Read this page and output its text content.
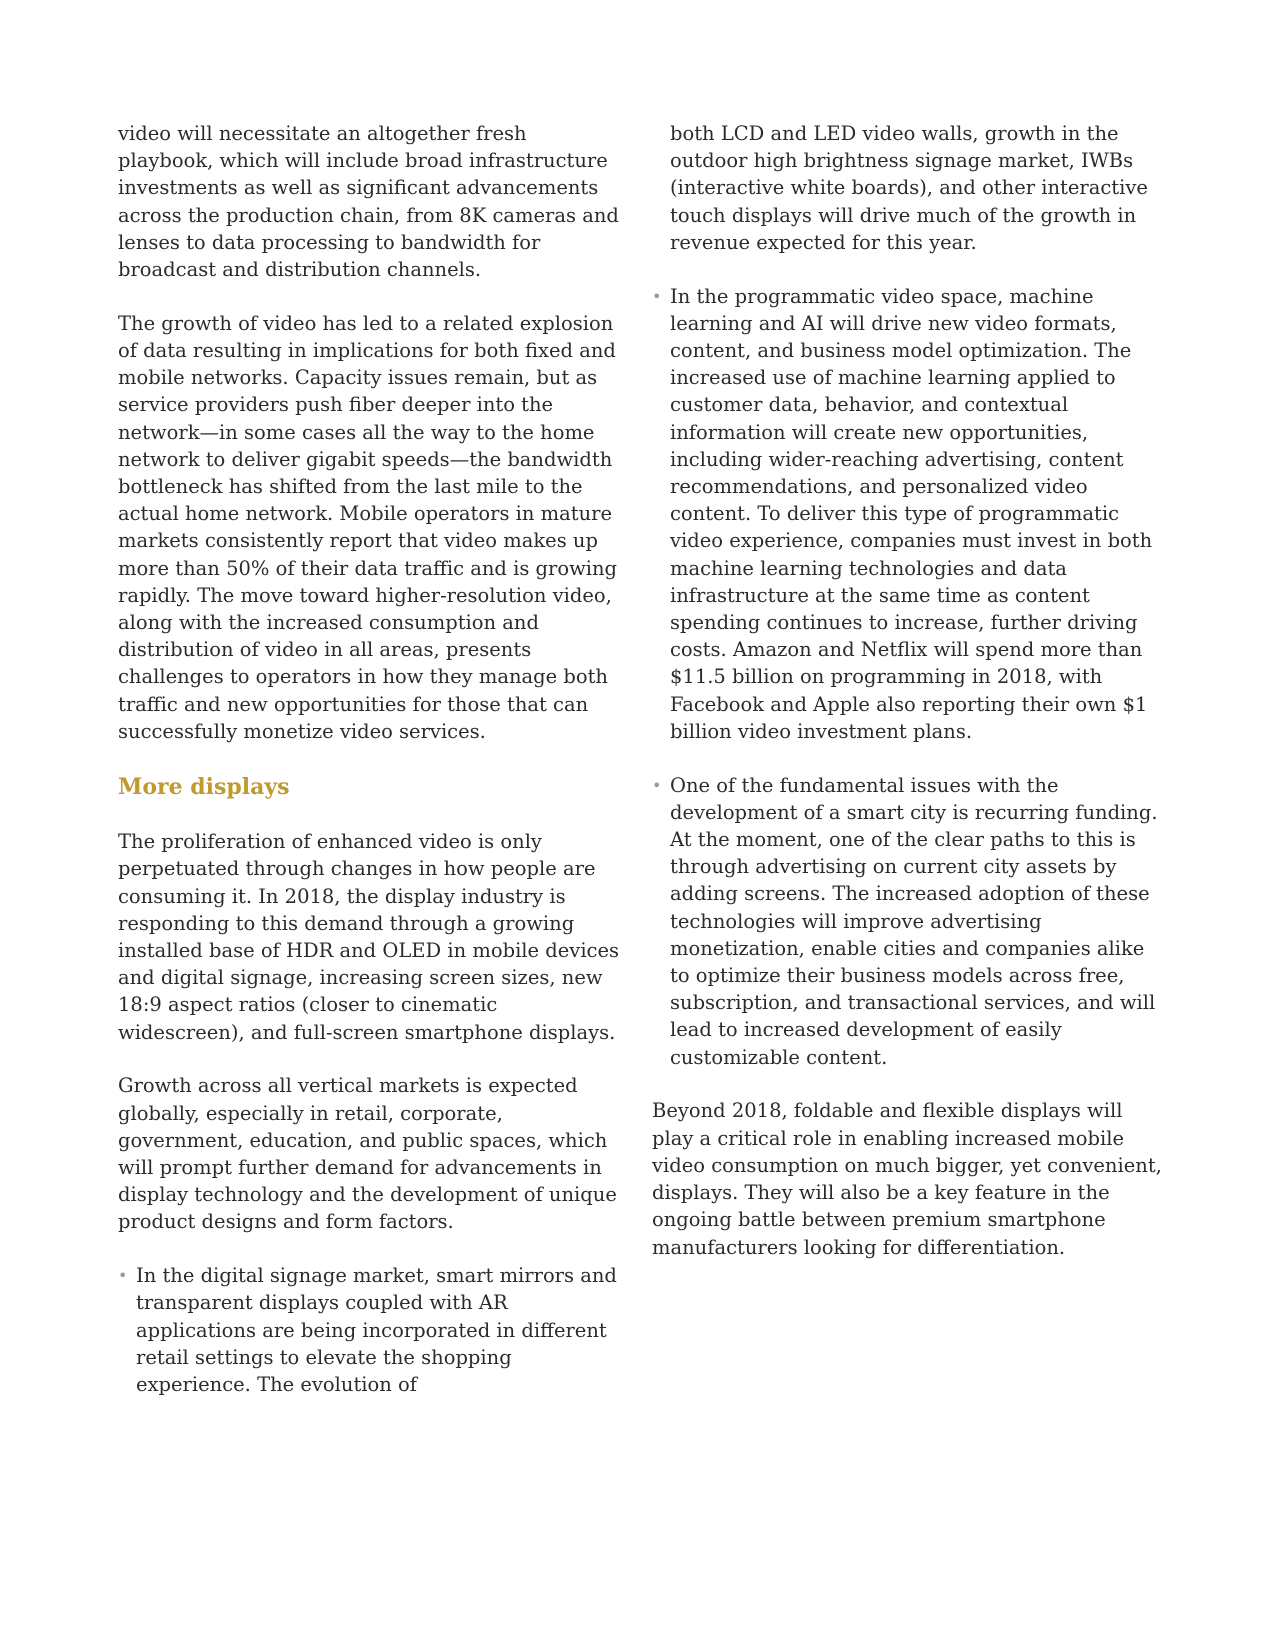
video will necessitate an altogether fresh playbook, which will include broad infrastructure investments as well as significant advancements across the production chain, from 8K cameras and lenses to data processing to bandwidth for broadcast and distribution channels.

The growth of video has led to a related explosion of data resulting in implications for both fixed and mobile networks. Capacity issues remain, but as service providers push fiber deeper into the network—in some cases all the way to the home network to deliver gigabit speeds—the bandwidth bottleneck has shifted from the last mile to the actual home network. Mobile operators in mature markets consistently report that video makes up more than 50% of their data traffic and is growing rapidly. The move toward higher-resolution video, along with the increased consumption and distribution of video in all areas, presents challenges to operators in how they manage both traffic and new opportunities for those that can successfully monetize video services.

More displays

The proliferation of enhanced video is only perpetuated through changes in how people are consuming it. In 2018, the display industry is responding to this demand through a growing installed base of HDR and OLED in mobile devices and digital signage, increasing screen sizes, new 18:9 aspect ratios (closer to cinematic widescreen), and full-screen smartphone displays.

Growth across all vertical markets is expected globally, especially in retail, corporate, government, education, and public spaces, which will prompt further demand for advancements in display technology and the development of unique product designs and form factors.

• In the digital signage market, smart mirrors and transparent displays coupled with AR applications are being incorporated in different retail settings to elevate the shopping experience. The evolution of

both LCD and LED video walls, growth in the outdoor high brightness signage market, IWBs (interactive white boards), and other interactive touch displays will drive much of the growth in revenue expected for this year.

• In the programmatic video space, machine learning and AI will drive new video formats, content, and business model optimization. The increased use of machine learning applied to customer data, behavior, and contextual information will create new opportunities, including wider-reaching advertising, content recommendations, and personalized video content. To deliver this type of programmatic video experience, companies must invest in both machine learning technologies and data infrastructure at the same time as content spending continues to increase, further driving costs. Amazon and Netflix will spend more than $11.5 billion on programming in 2018, with Facebook and Apple also reporting their own $1 billion video investment plans.
• One of the fundamental issues with the development of a smart city is recurring funding. At the moment, one of the clear paths to this is through advertising on current city assets by adding screens. The increased adoption of these technologies will improve advertising monetization, enable cities and companies alike to optimize their business models across free, subscription, and transactional services, and will lead to increased development of easily customizable content.

Beyond 2018, foldable and flexible displays will play a critical role in enabling increased mobile video consumption on much bigger, yet convenient, displays. They will also be a key feature in the ongoing battle between premium smartphone manufacturers looking for differentiation.
